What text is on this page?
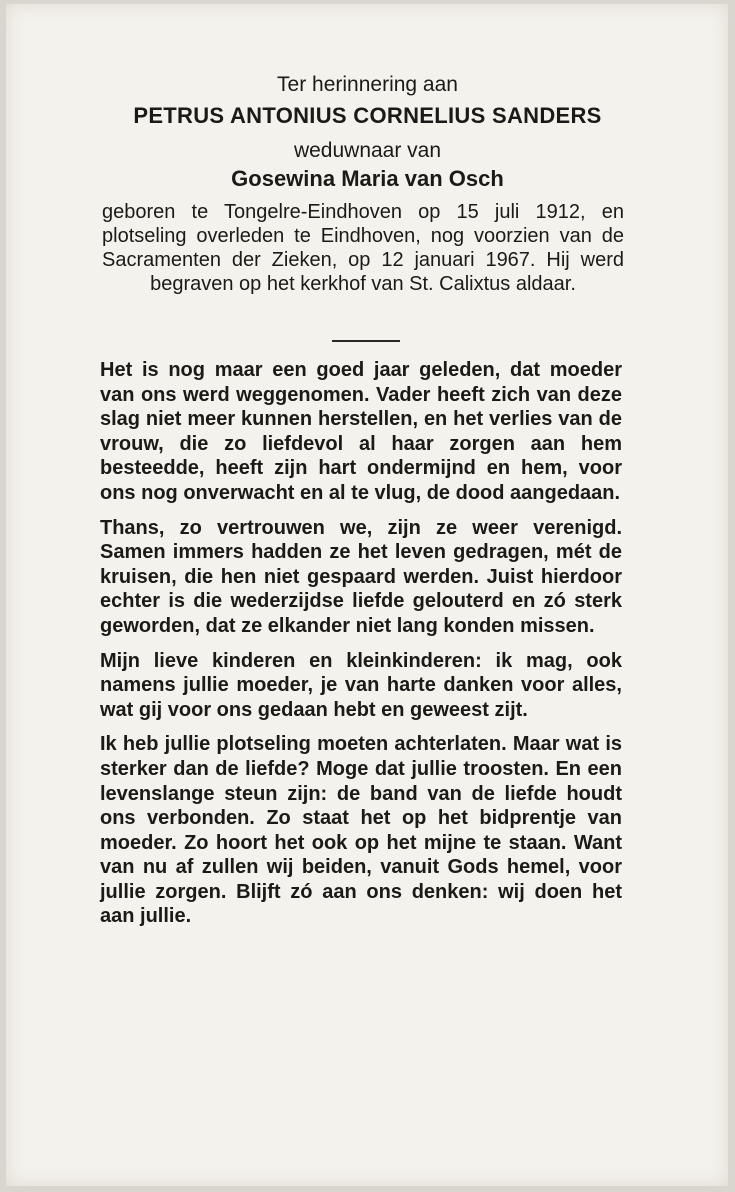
Ter herinnering aan
PETRUS ANTONIUS CORNELIUS SANDERS
weduwnaar van
Gosewina Maria van Osch
geboren te Tongelre-Eindhoven op 15 juli 1912, en plotseling overleden te Eindhoven, nog voorzien van de Sacramenten der Zieken, op 12 januari 1967. Hij werd begraven op het kerkhof van St. Calixtus aldaar.

Het is nog maar een goed jaar geleden, dat moeder van ons werd weggenomen. Vader heeft zich van deze slag niet meer kunnen herstellen, en het verlies van de vrouw, die zo liefdevol al haar zorgen aan hem besteedde, heeft zijn hart ondermijnd en hem, voor ons nog onverwacht en al te vlug, de dood aangedaan.

Thans, zo vertrouwen we, zijn ze weer verenigd. Samen immers hadden ze het leven gedragen, mét de kruisen, die hen niet gespaard werden. Juist hierdoor echter is die wederzijdse liefde gelouterd en zó sterk geworden, dat ze elkander niet lang konden missen.

Mijn lieve kinderen en kleinkinderen: ik mag, ook namens jullie moeder, je van harte danken voor alles, wat gij voor ons gedaan hebt en geweest zijt.

Ik heb jullie plotseling moeten achterlaten. Maar wat is sterker dan de liefde? Moge dat jullie troosten. En een levenslange steun zijn: de band van de liefde houdt ons verbonden. Zo staat het op het bidprentje van moeder. Zo hoort het ook op het mijne te staan. Want van nu af zullen wij beiden, vanuit Gods hemel, voor jullie zorgen. Blijft zó aan ons denken: wij doen het aan jullie.
